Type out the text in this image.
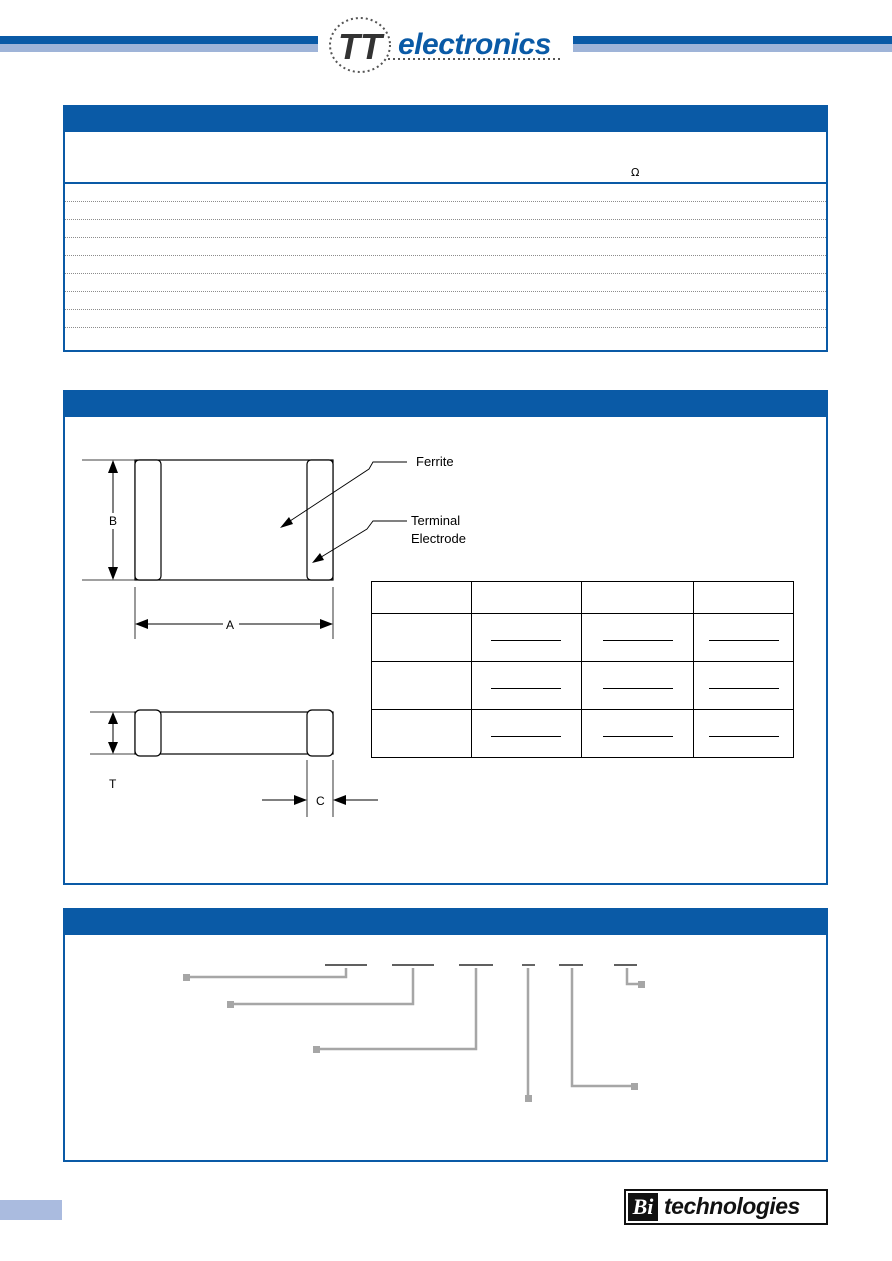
TT electronics
Ω
B
A
Ferrite
Terminal
Electrode
T
C

Bi technologies
